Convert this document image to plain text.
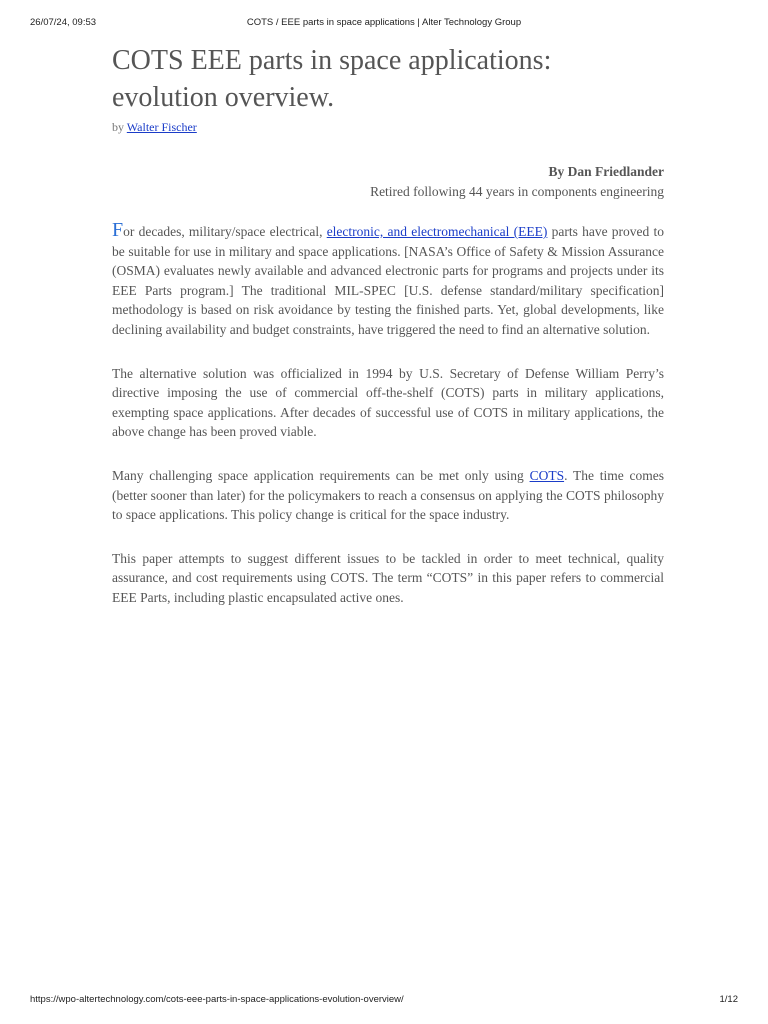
26/07/24, 09:53	COTS / EEE parts in space applications | Alter Technology Group
COTS EEE parts in space applications:
evolution overview.
by Walter Fischer
By Dan Friedlander
Retired following 44 years in components engineering

For decades, military/space electrical, electronic, and electromechanical (EEE) parts have proved to be suitable for use in military and space applications. [NASA’s Office of Safety & Mission Assurance (OSMA) evaluates newly available and advanced electronic parts for programs and projects under its EEE Parts program.] The traditional MIL-SPEC [U.S. defense standard/military specification] methodology is based on risk avoidance by testing the finished parts. Yet, global developments, like declining availability and budget constraints, have triggered the need to find an alternative solution.

The alternative solution was officialized in 1994 by U.S. Secretary of Defense William Perry’s directive imposing the use of commercial off-the-shelf (COTS) parts in military applications, exempting space applications. After decades of successful use of COTS in military applications, the above change has been proved viable.

Many challenging space application requirements can be met only using COTS. The time comes (better sooner than later) for the policymakers to reach a consensus on applying the COTS philosophy to space applications. This policy change is critical for the space industry.

This paper attempts to suggest different issues to be tackled in order to meet technical, quality assurance, and cost requirements using COTS. The term “COTS” in this paper refers to commercial EEE Parts, including plastic encapsulated active ones.

https://wpo-altertechnology.com/cots-eee-parts-in-space-applications-evolution-overview/	1/12
